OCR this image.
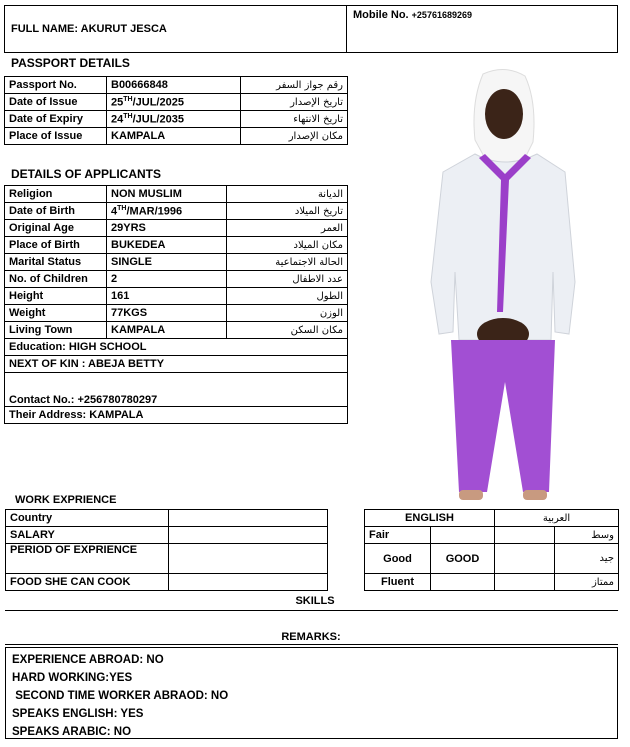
FULL NAME: AKURUT JESCA
Mobile No. +25761689269
PASSPORT DETAILS
Passport No.	B00666848	رقم جواز السفر
Date of Issue	25TH/JUL/2025	تاريخ الإصدار
Date of Expiry	24TH/JUL/2035	تاريخ الانتهاء
Place of Issue	KAMPALA	مكان الإصدار
DETAILS OF APPLICANTS
Religion	NON MUSLIM	الديانة
Date of Birth	4TH/MAR/1996	تاريخ الميلاد
Original Age	29YRS	العمر
Place of Birth	BUKEDEA	مكان الميلاد
Marital Status	SINGLE	الحالة الاجتماعية
No. of Children	2	عدد الاطفال
Height	161	الطول
Weight	77KGS	الوزن
Living Town	KAMPALA	مكان السكن
Education: HIGH SCHOOL		
NEXT OF KIN : ABEJA BETTY		
Contact No.: +256780780297		
Their Address: KAMPALA		
WORK EXPRIENCE
Country	
SALARY	
PERIOD OF EXPRIENCE	
FOOD SHE CAN COOK	
ENGLISH		العربية	
Fair			وسط
Good	GOOD		جيد
Fluent			ممتاز
SKILLS
REMARKS:
EXPERIENCE ABROAD: NO
HARD WORKING:YES
SECOND TIME WORKER ABRAOD: NO
SPEAKS ENGLISH: YES
SPEAKS ARABIC: NO
